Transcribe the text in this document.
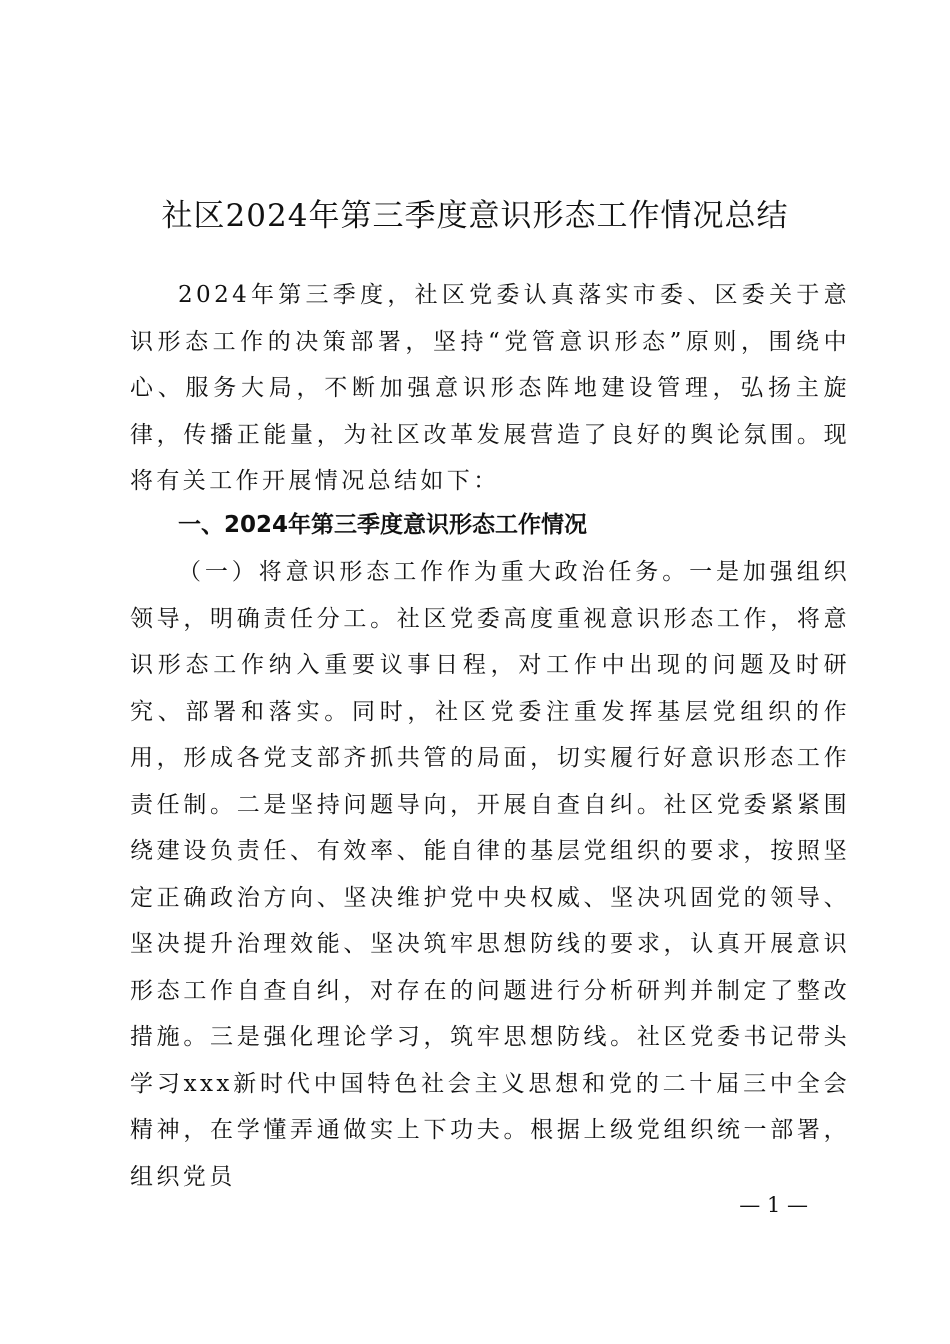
社区2024年第三季度意识形态工作情况总结

2024年第三季度，社区党委认真落实市委、区委关于意识形态工作的决策部署，坚持“党管意识形态”原则，围绕中心、服务大局，不断加强意识形态阵地建设管理，弘扬主旋律，传播正能量，为社区改革发展营造了良好的舆论氛围。现将有关工作开展情况总结如下：

一、2024年第三季度意识形态工作情况

（一）将意识形态工作作为重大政治任务。一是加强组织领导，明确责任分工。社区党委高度重视意识形态工作，将意识形态工作纳入重要议事日程，对工作中出现的问题及时研究、部署和落实。同时，社区党委注重发挥基层党组织的作用，形成各党支部齐抓共管的局面，切实履行好意识形态工作责任制。二是坚持问题导向，开展自查自纠。社区党委紧紧围绕建设负责任、有效率、能自律的基层党组织的要求，按照坚定正确政治方向、坚决维护党中央权威、坚决巩固党的领导、坚决提升治理效能、坚决筑牢思想防线的要求，认真开展意识形态工作自查自纠，对存在的问题进行分析研判并制定了整改措施。三是强化理论学习，筑牢思想防线。社区党委书记带头学习xxx新时代中国特色社会主义思想和党的二十届三中全会精神，在学懂弄通做实上下功夫。根据上级党组织统一部署，组织党员

— 1 —
